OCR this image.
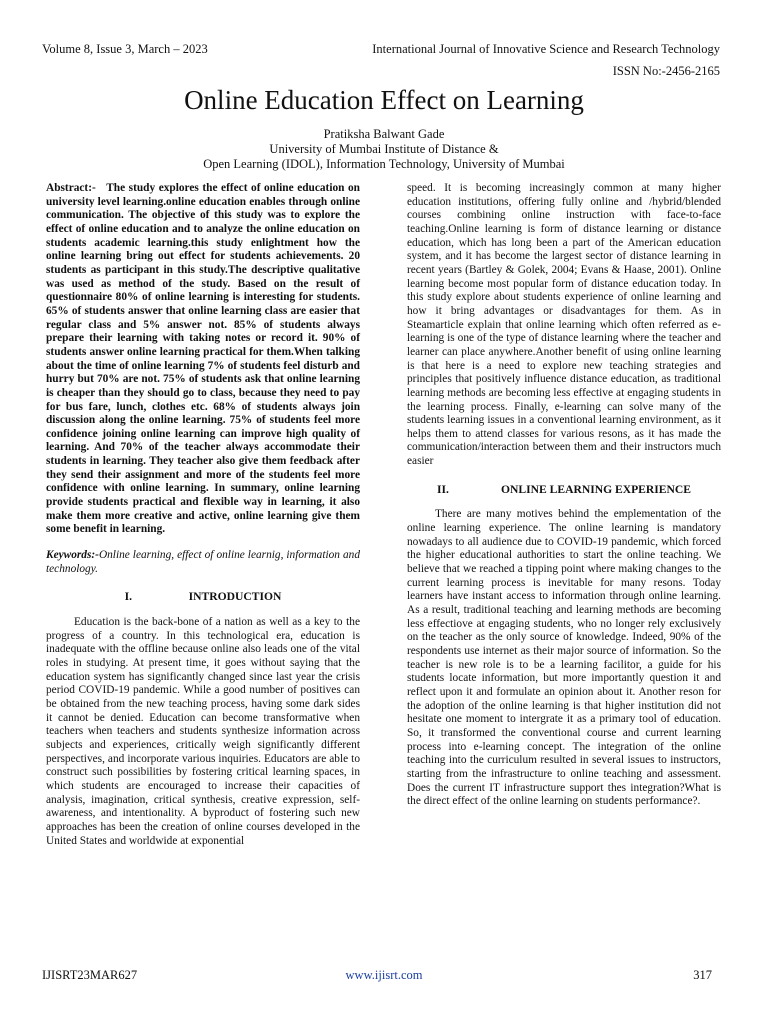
Volume 8, Issue 3, March – 2023	International Journal of Innovative Science and Research Technology
ISSN No:-2456-2165
Online Education Effect on Learning
Pratiksha Balwant Gade
University of Mumbai Institute of Distance &
Open Learning (IDOL), Information Technology, University of Mumbai

Abstract:- The study explores the effect of online education on university level learning.online education enables through online communication. The objective of this study was to explore the effect of online education and to analyze the online education on students academic learning.this study enlightment how the online learning bring out effect for students achievements. 20 students as participant in this study.The descriptive qualitative was used as method of the study. Based on the result of questionnaire 80% of online learning is interesting for students. 65% of students answer that online learning class are easier that regular class and 5% answer not. 85% of students always prepare their learning with taking notes or record it. 90% of students answer online learning practical for them.When talking about the time of online learning 7% of students feel disturb and hurry but 70% are not. 75% of students ask that online learning is cheaper than they should go to class, because they need to pay for bus fare, lunch, clothes etc. 68% of students always join discussion along the online learning. 75% of students feel more confidence joining online learning can improve high quality of learning. And 70% of the teacher always accommodate their students in learning. They teacher also give them feedback after they send their assignment and more of the students feel more confidence with online learning. In summary, online learning provide students practical and flexible way in learning, it also make them more creative and active, online learning give them some benefit in learning.

Keywords:-Online learning, effect of online learnig, information and technology.

I.	INTRODUCTION

Education is the back-bone of a nation as well as a key to the progress of a country. In this technological era, education is inadequate with the offline because online also leads one of the vital roles in studying. At present time, it goes without saying that the education system has significantly changed since last year the crisis period COVID-19 pandemic. While a good number of positives can be obtained from the new teaching process, having some dark sides it cannot be denied. Education can become transformative when teachers when teachers and students synthesize information across subjects and experiences, critically weigh significantly different perspectives, and incorporate various inquiries. Educators are able to construct such possibilities by fostering critical learning spaces, in which students are encouraged to increase their capacities of analysis, imagination, critical synthesis, creative expression, self-awareness, and intentionality. A byproduct of fostering such new approaches has been the creation of online courses developed in the United States and worldwide at exponential

speed. It is becoming increasingly common at many higher education institutions, offering fully online and /hybrid/blended courses combining online instruction with face-to-face teaching.Online learning is form of distance learning or distance education, which has long been a part of the American education system, and it has become the largest sector of distance learning in recent years (Bartley & Golek, 2004; Evans & Haase, 2001). Online learning become most popular form of distance education today. In this study explore about students experience of online learning and how it bring advantages or disadvantages for them. As in Steamarticle explain that online learning which often referred as e-learning is one of the type of distance learning where the teacher and learner can place anywhere.Another benefit of using online learning is that here is a need to explore new teaching strategies and principles that positively influence distance education, as traditional learning methods are becoming less effective at engaging students in the learning process. Finally, e-learning can solve many of the students learning issues in a conventional learning environment, as it helps them to attend classes for various resons, as it has made the communication/interaction between them and their instructors much easier

II.	ONLINE LEARNING EXPERIENCE

There are many motives behind the emplementation of the online learning experience. The online learning is mandatory nowadays to all audience due to COVID-19 pandemic, which forced the higher educational authorities to start the online teaching. We believe that we reached a tipping point where making changes to the current learning process is inevitable for many resons. Today learners have instant access to information through online learning. As a result, traditional teaching and learning methods are becoming less effectiove at engaging students, who no longer rely exclusively on the teacher as the only source of knowledge. Indeed, 90% of the respondents use internet as their major source of information. So the teacher is new role is to be a learning facilitor, a guide for his students locate information, but more importantly question it and reflect upon it and formulate an opinion about it. Another reson for the adoption of the online learning is that higher institution did not hesitate one moment to intergrate it as a primary tool of education. So, it transformed the conventional course and current learning process into e-learning concept. The integration of the online teaching into the curriculum resulted in several issues to instructors, starting from the infrastructure to online teaching and assessment. Does the current IT infrastructure support thes integration?What is the direct effect of the online learning on students performance?.

IJISRT23MAR627	www.ijisrt.com	317
